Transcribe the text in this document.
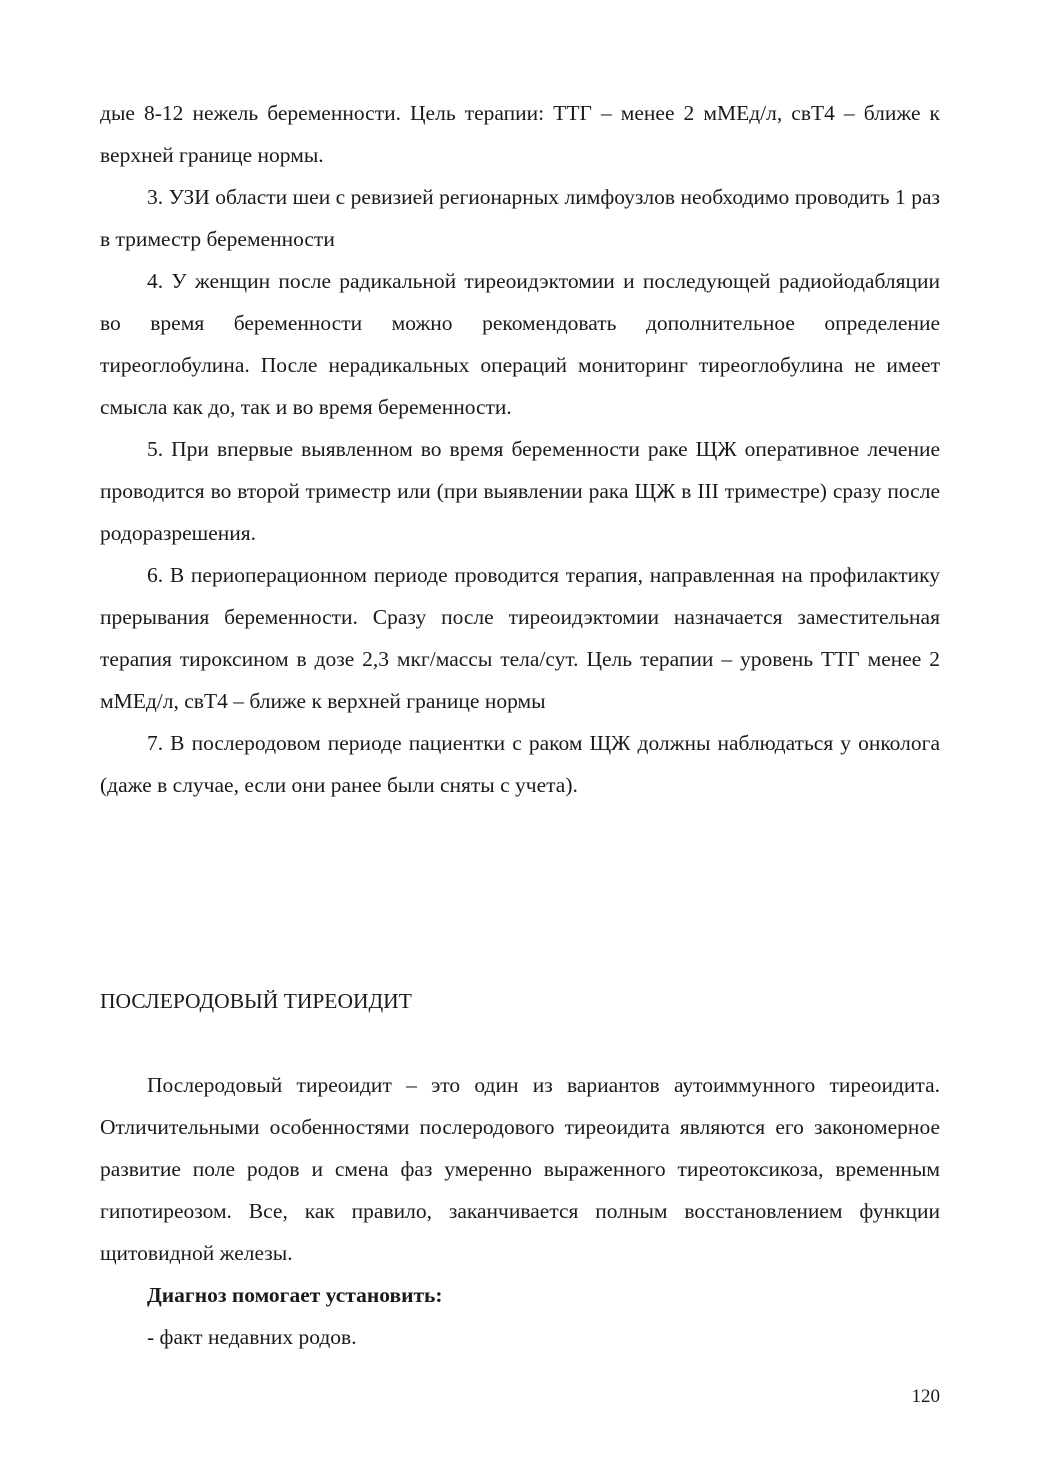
дые 8-12 нежель беременности. Цель терапии: ТТГ – менее 2 мМЕд/л, свТ4 – ближе к верхней границе нормы.

3. УЗИ области шеи с ревизией регионарных лимфоузлов необходимо проводить 1 раз в триместр беременности

4. У женщин после радикальной тиреоидэктомии и последующей радиойодабляции во время беременности можно рекомендовать дополнительное определение тиреоглобулина. После нерадикальных операций мониторинг тиреоглобулина не имеет смысла как до, так и во время беременности.

5. При впервые выявленном во время беременности раке ЩЖ оперативное лечение проводится во второй триместр или (при выявлении рака ЩЖ в III триместре) сразу после родоразрешения.

6. В периоперационном периоде проводится терапия, направленная на профилактику прерывания беременности. Сразу после тиреоидэктомии назначается заместительная терапия тироксином в дозе 2,3 мкг/массы тела/сут. Цель терапии – уровень ТТГ менее 2 мМЕд/л, свТ4 – ближе к верхней границе нормы

7. В послеродовом периоде пациентки с раком ЩЖ должны наблюдаться у онколога (даже в случае, если они ранее были сняты с учета).

ПОСЛЕРОДОВЫЙ ТИРЕОИДИТ

Послеродовый тиреоидит – это один из вариантов аутоиммунного тиреоидита. Отличительными особенностями послеродового тиреоидита являются его закономерное развитие поле родов и смена фаз умеренно выраженного тиреотоксикоза, временным гипотиреозом. Все, как правило, заканчивается полным восстановлением функции щитовидной железы.

Диагноз помогает установить:

- факт недавних родов.

120
